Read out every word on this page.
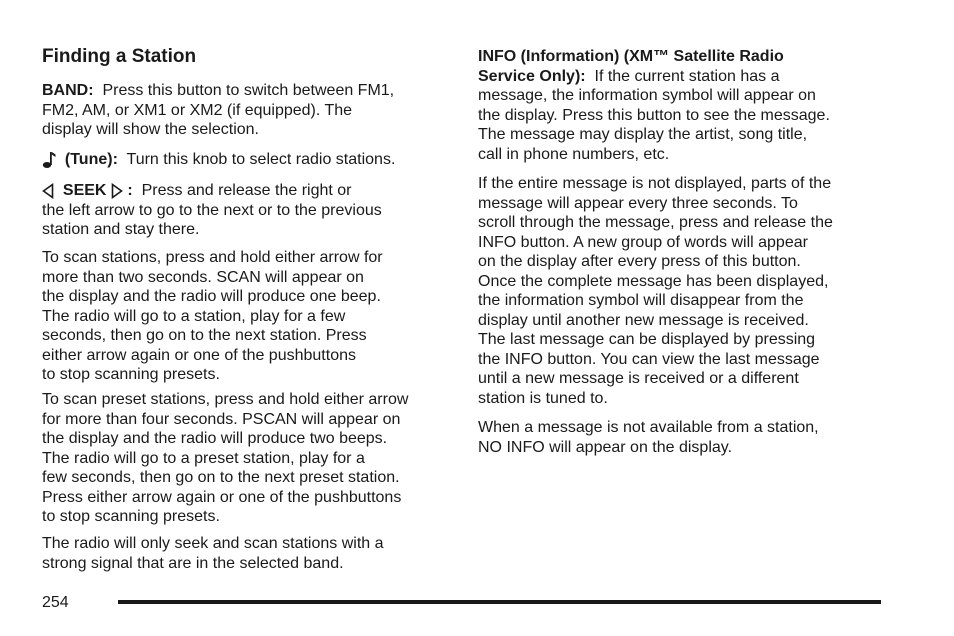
Finding a Station
BAND: Press this button to switch between FM1,
FM2, AM, or XM1 or XM2 (if equipped). The
display will show the selection.
(Tune): Turn this knob to select radio stations.
SEEK : Press and release the right or
the left arrow to go to the next or to the previous
station and stay there.
To scan stations, press and hold either arrow for
more than two seconds. SCAN will appear on
the display and the radio will produce one beep.
The radio will go to a station, play for a few
seconds, then go on to the next station. Press
either arrow again or one of the pushbuttons
to stop scanning presets.
To scan preset stations, press and hold either arrow
for more than four seconds. PSCAN will appear on
the display and the radio will produce two beeps.
The radio will go to a preset station, play for a
few seconds, then go on to the next preset station.
Press either arrow again or one of the pushbuttons
to stop scanning presets.
The radio will only seek and scan stations with a
strong signal that are in the selected band.
INFO (Information) (XM™ Satellite Radio
Service Only): If the current station has a
message, the information symbol will appear on
the display. Press this button to see the message.
The message may display the artist, song title,
call in phone numbers, etc.
If the entire message is not displayed, parts of the
message will appear every three seconds. To
scroll through the message, press and release the
INFO button. A new group of words will appear
on the display after every press of this button.
Once the complete message has been displayed,
the information symbol will disappear from the
display until another new message is received.
The last message can be displayed by pressing
the INFO button. You can view the last message
until a new message is received or a different
station is tuned to.
When a message is not available from a station,
NO INFO will appear on the display.
254
